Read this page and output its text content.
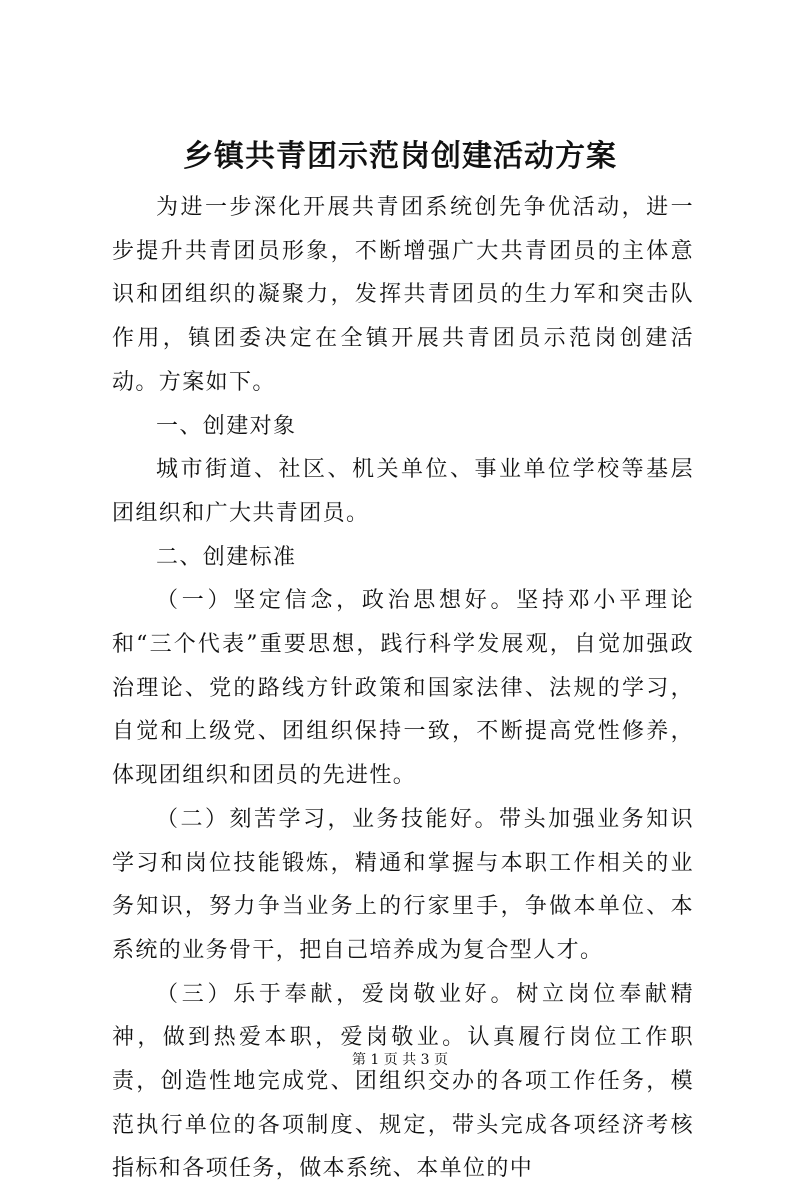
乡镇共青团示范岗创建活动方案

为进一步深化开展共青团系统创先争优活动，进一步提升共青团员形象，不断增强广大共青团员的主体意识和团组织的凝聚力，发挥共青团员的生力军和突击队作用，镇团委决定在全镇开展共青团员示范岗创建活动。方案如下。

一、创建对象

城市街道、社区、机关单位、事业单位学校等基层团组织和广大共青团员。

二、创建标准

（一）坚定信念，政治思想好。坚持邓小平理论和“三个代表”重要思想，践行科学发展观，自觉加强政治理论、党的路线方针政策和国家法律、法规的学习，自觉和上级党、团组织保持一致，不断提高党性修养，体现团组织和团员的先进性。

（二）刻苦学习，业务技能好。带头加强业务知识学习和岗位技能锻炼，精通和掌握与本职工作相关的业务知识，努力争当业务上的行家里手，争做本单位、本系统的业务骨干，把自己培养成为复合型人才。

（三）乐于奉献，爱岗敬业好。树立岗位奉献精神，做到热爱本职，爱岗敬业。认真履行岗位工作职责，创造性地完成党、团组织交办的各项工作任务，模范执行单位的各项制度、规定，带头完成各项经济考核指标和各项任务，做本系统、本单位的中

第 1 页 共 3 页
